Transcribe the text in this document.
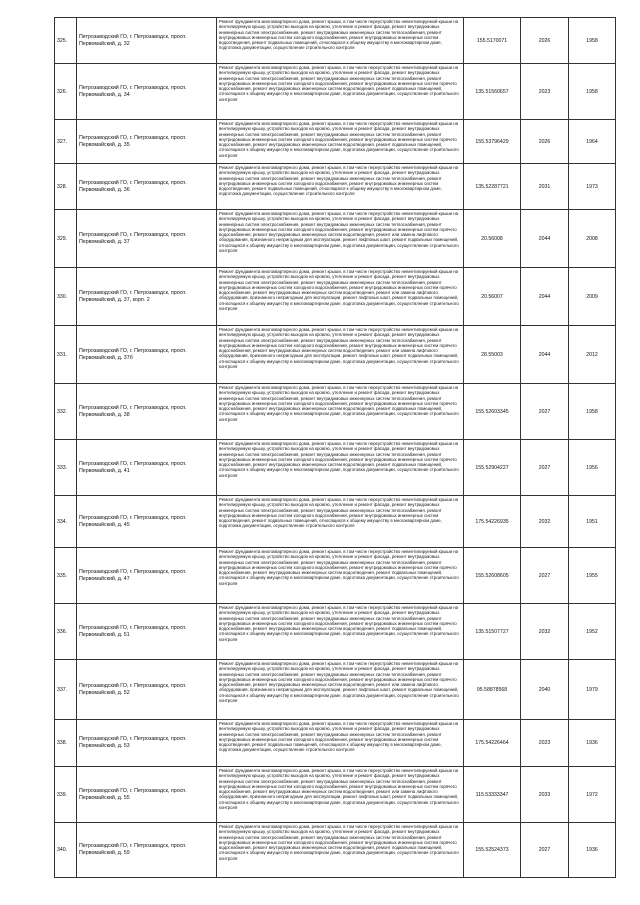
325.	Петрозаводский ГО, г. Петрозаводск, просп. Первомайский, д. 32	Ремонт фундамента многоквартирного дома, ремонт крыши, в том числе переустройство невентилируемой крыши на вентилируемую крышу, устройство выходов на кровлю, утепление и ремонт фасада, ремонт внутридомовых инженерных систем электроснабжения, ремонт внутридомовых инженерных систем теплоснабжения, ремонт внутридомовых инженерных систем холодного водоснабжения, ремонт внутридомовых инженерных систем водоотведения, ремонт подвальных помещений, относящихся к общему имуществу в многоквартирном доме, подготовка документации, осуществление строительного контроля	155.5170071	2026	1958
326.	Петрозаводский ГО, г. Петрозаводск, просп. Первомайский, д. 34	Ремонт фундамента многоквартирного дома, ремонт крыши, в том числе переустройство невентилируемой крыши на вентилируемую крышу, устройство выходов на кровлю, утепление и ремонт фасада, ремонт внутридомовых инженерных систем электроснабжения, ремонт внутридомовых инженерных систем теплоснабжения, ремонт внутридомовых инженерных систем холодного водоснабжения, ремонт внутридомовых инженерных систем горячего водоснабжения, ремонт внутридомовых инженерных систем водоотведения, ремонт подвальных помещений, относящихся к общему имуществу в многоквартирном доме, подготовка документации, осуществление строительного контроля	135.51560657	2023	1958
327.	Петрозаводский ГО, г. Петрозаводск, просп. Первомайский, д. 35	Ремонт фундамента многоквартирного дома, ремонт крыши, в том числе переустройство невентилируемой крыши на вентилируемую крышу, устройство выходов на кровлю, утепление и ремонт фасада, ремонт внутридомовых инженерных систем электроснабжения, ремонт внутридомовых инженерных систем теплоснабжения, ремонт внутридомовых инженерных систем холодного водоснабжения, ремонт внутридомовых инженерных систем горячего водоснабжения, ремонт внутридомовых инженерных систем водоотведения, ремонт подвальных помещений, относящихся к общему имуществу в многоквартирном доме, подготовка документации, осуществление строительного контроля	155.53796429	2026	1964
328.	Петрозаводский ГО, г. Петрозаводск, просп. Первомайский, д. 36	Ремонт фундамента многоквартирного дома, ремонт крыши, в том числе переустройство невентилируемой крыши на вентилируемую крышу, устройство выходов на кровлю, утепление и ремонт фасада, ремонт внутридомовых инженерных систем электроснабжения, ремонт внутридомовых инженерных систем теплоснабжения, ремонт внутридомовых инженерных систем холодного водоснабжения, ремонт внутридомовых инженерных систем водоотведения, ремонт подвальных помещений, относящихся к общему имуществу в многоквартирном доме, подготовка документации, осуществление строительного контроля	135.52287721	2031	1973
329.	Петрозаводский ГО, г. Петрозаводск, просп. Первомайский, д. 37	Ремонт фундамента многоквартирного дома, ремонт крыши, в том числе переустройство невентилируемой крыши на вентилируемую крышу, устройство выходов на кровлю, утепление и ремонт фасада, ремонт внутридомовых инженерных систем электроснабжения, ремонт внутридомовых инженерных систем теплоснабжения, ремонт внутридомовых инженерных систем холодного водоснабжения, ремонт внутридомовых инженерных систем горячего водоснабжения, ремонт внутридомовых инженерных систем водоотведения, ремонт или замена лифтового оборудования, признанного непригодным для эксплуатации, ремонт лифтовых шахт, ремонт подвальных помещений, относящихся к общему имуществу в многоквартирном доме, подготовка документации, осуществление строительного контроля	20.56008	2044	2008
330.	Петрозаводский ГО, г. Петрозаводск, просп. Первомайский, д. 37, корп. 2	Ремонт фундамента многоквартирного дома, ремонт крыши, в том числе переустройство невентилируемой крыши на вентилируемую крышу, устройство выходов на кровлю, утепление и ремонт фасада, ремонт внутридомовых инженерных систем электроснабжения, ремонт внутридомовых инженерных систем теплоснабжения, ремонт внутридомовых инженерных систем холодного водоснабжения, ремонт внутридомовых инженерных систем горячего водоснабжения, ремонт внутридомовых инженерных систем водоотведения, ремонт или замена лифтового оборудования, признанного непригодным для эксплуатации, ремонт лифтовых шахт, ремонт подвальных помещений, относящихся к общему имуществу в многоквартирном доме, подготовка документации, осуществление строительного контроля	20.56007	2044	2009
331.	Петрозаводский ГО, г. Петрозаводск, просп. Первомайский, д. 37б	Ремонт фундамента многоквартирного дома, ремонт крыши, в том числе переустройство невентилируемой крыши на вентилируемую крышу, устройство выходов на кровлю, утепление и ремонт фасада, ремонт внутридомовых инженерных систем электроснабжения, ремонт внутридомовых инженерных систем теплоснабжения, ремонт внутридомовых инженерных систем холодного водоснабжения, ремонт внутридомовых инженерных систем горячего водоснабжения, ремонт внутридомовых инженерных систем водоотведения, ремонт или замена лифтового оборудования, признанного непригодным для эксплуатации, ремонт лифтовых шахт, ремонт подвальных помещений, относящихся к общему имуществу в многоквартирном доме, подготовка документации, осуществление строительного контроля	28.55003	2044	2012
332.	Петрозаводский ГО, г. Петрозаводск, просп. Первомайский, д. 38	Ремонт фундамента многоквартирного дома, ремонт крыши, в том числе переустройство невентилируемой крыши на вентилируемую крышу, устройство выходов на кровлю, утепление и ремонт фасада, ремонт внутридомовых инженерных систем электроснабжения, ремонт внутридомовых инженерных систем теплоснабжения, ремонт внутридомовых инженерных систем холодного водоснабжения, ремонт внутридомовых инженерных систем горячего водоснабжения, ремонт внутридомовых инженерных систем водоотведения, ремонт подвальных помещений, относящихся к общему имуществу в многоквартирном доме, подготовка документации, осуществление строительного контроля	155.52603345	2027	1958
333.	Петрозаводский ГО, г. Петрозаводск, просп. Первомайский, д. 41	Ремонт фундамента многоквартирного дома, ремонт крыши, в том числе переустройство невентилируемой крыши на вентилируемую крышу, устройство выходов на кровлю, утепление и ремонт фасада, ремонт внутридомовых инженерных систем электроснабжения, ремонт внутридомовых инженерных систем теплоснабжения, ремонт внутридомовых инженерных систем холодного водоснабжения, ремонт внутридомовых инженерных систем горячего водоснабжения, ремонт внутридомовых инженерных систем водоотведения, ремонт подвальных помещений, относящихся к общему имуществу в многоквартирном доме, подготовка документации, осуществление строительного контроля	155.52904227	2027	1956
334.	Петрозаводский ГО, г. Петрозаводск, просп. Первомайский, д. 45	Ремонт фундамента многоквартирного дома, ремонт крыши, в том числе переустройство невентилируемой крыши на вентилируемую крышу, устройство выходов на кровлю, утепление и ремонт фасада, ремонт внутридомовых инженерных систем электроснабжения, ремонт внутридомовых инженерных систем теплоснабжения, ремонт внутридомовых инженерных систем холодного водоснабжения, ремонт внутридомовых инженерных систем водоотведения, ремонт подвальных помещений, относящихся к общему имуществу в многоквартирном доме, подготовка документации, осуществление строительного контроля	175.54226935	2032	1951
335.	Петрозаводский ГО, г. Петрозаводск, просп. Первомайский, д. 47	Ремонт фундамента многоквартирного дома, ремонт крыши, в том числе переустройство невентилируемой крыши на вентилируемую крышу, устройство выходов на кровлю, утепление и ремонт фасада, ремонт внутридомовых инженерных систем электроснабжения, ремонт внутридомовых инженерных систем теплоснабжения, ремонт внутридомовых инженерных систем холодного водоснабжения, ремонт внутридомовых инженерных систем горячего водоснабжения, ремонт внутридомовых инженерных систем водоотведения, ремонт подвальных помещений, относящихся к общему имуществу в многоквартирном доме, подготовка документации, осуществление строительного контроля	155.52608605	2027	1955
336.	Петрозаводский ГО, г. Петрозаводск, просп. Первомайский, д. 51	Ремонт фундамента многоквартирного дома, ремонт крыши, в том числе переустройство невентилируемой крыши на вентилируемую крышу, устройство выходов на кровлю, утепление и ремонт фасада, ремонт внутридомовых инженерных систем электроснабжения, ремонт внутридомовых инженерных систем теплоснабжения, ремонт внутридомовых инженерных систем холодного водоснабжения, ремонт внутридомовых инженерных систем горячего водоснабжения, ремонт внутридомовых инженерных систем водоотведения, ремонт подвальных помещений, относящихся к общему имуществу в многоквартирном доме, подготовка документации, осуществление строительного контроля	135.51507727	2032	1952
337.	Петрозаводский ГО, г. Петрозаводск, просп. Первомайский, д. 52	Ремонт фундамента многоквартирного дома, ремонт крыши, в том числе переустройство невентилируемой крыши на вентилируемую крышу, устройство выходов на кровлю, утепление и ремонт фасада, ремонт внутридомовых инженерных систем электроснабжения, ремонт внутридомовых инженерных систем теплоснабжения, ремонт внутридомовых инженерных систем холодного водоснабжения, ремонт внутридомовых инженерных систем горячего водоснабжения, ремонт внутридомовых инженерных систем водоотведения, ремонт или замена лифтового оборудования, признанного непригодным для эксплуатации, ремонт лифтовых шахт, ремонт подвальных помещений, относящихся к общему имуществу в многоквартирном доме, подготовка документации, осуществление строительного контроля	95.58878568	2040	1979
338.	Петрозаводский ГО, г. Петрозаводск, просп. Первомайский, д. 53	Ремонт фундамента многоквартирного дома, ремонт крыши, в том числе переустройство невентилируемой крыши на вентилируемую крышу, устройство выходов на кровлю, утепление и ремонт фасада, ремонт внутридомовых инженерных систем электроснабжения, ремонт внутридомовых инженерных систем теплоснабжения, ремонт внутридомовых инженерных систем холодного водоснабжения, ремонт внутридомовых инженерных систем водоотведения, ремонт подвальных помещений, относящихся к общему имуществу в многоквартирном доме, подготовка документации, осуществление строительного контроля	175.54226464	2023	1936
339.	Петрозаводский ГО, г. Петрозаводск, просп. Первомайский, д. 55	Ремонт фундамента многоквартирного дома, ремонт крыши, в том числе переустройство невентилируемой крыши на вентилируемую крышу, устройство выходов на кровлю, утепление и ремонт фасада, ремонт внутридомовых инженерных систем электроснабжения, ремонт внутридомовых инженерных систем теплоснабжения, ремонт внутридомовых инженерных систем холодного водоснабжения, ремонт внутридомовых инженерных систем горячего водоснабжения, ремонт внутридомовых инженерных систем водоотведения, ремонт или замена лифтового оборудования, признанного непригодным для эксплуатации, ремонт лифтовых шахт, ремонт подвальных помещений, относящихся к общему имуществу в многоквартирном доме, подготовка документации, осуществление строительного контроля	115.53333347	2033	1972
340.	Петрозаводский ГО, г. Петрозаводск, просп. Первомайский, д. 59	Ремонт фундамента многоквартирного дома, ремонт крыши, в том числе переустройство невентилируемой крыши на вентилируемую крышу, устройство выходов на кровлю, утепление и ремонт фасада, ремонт внутридомовых инженерных систем электроснабжения, ремонт внутридомовых инженерных систем теплоснабжения, ремонт внутридомовых инженерных систем холодного водоснабжения, ремонт внутридомовых инженерных систем горячего водоснабжения, ремонт внутридомовых инженерных систем водоотведения, ремонт подвальных помещений, относящихся к общему имуществу в многоквартирном доме, подготовка документации, осуществление строительного контроля	155.52524373	2027	1936
